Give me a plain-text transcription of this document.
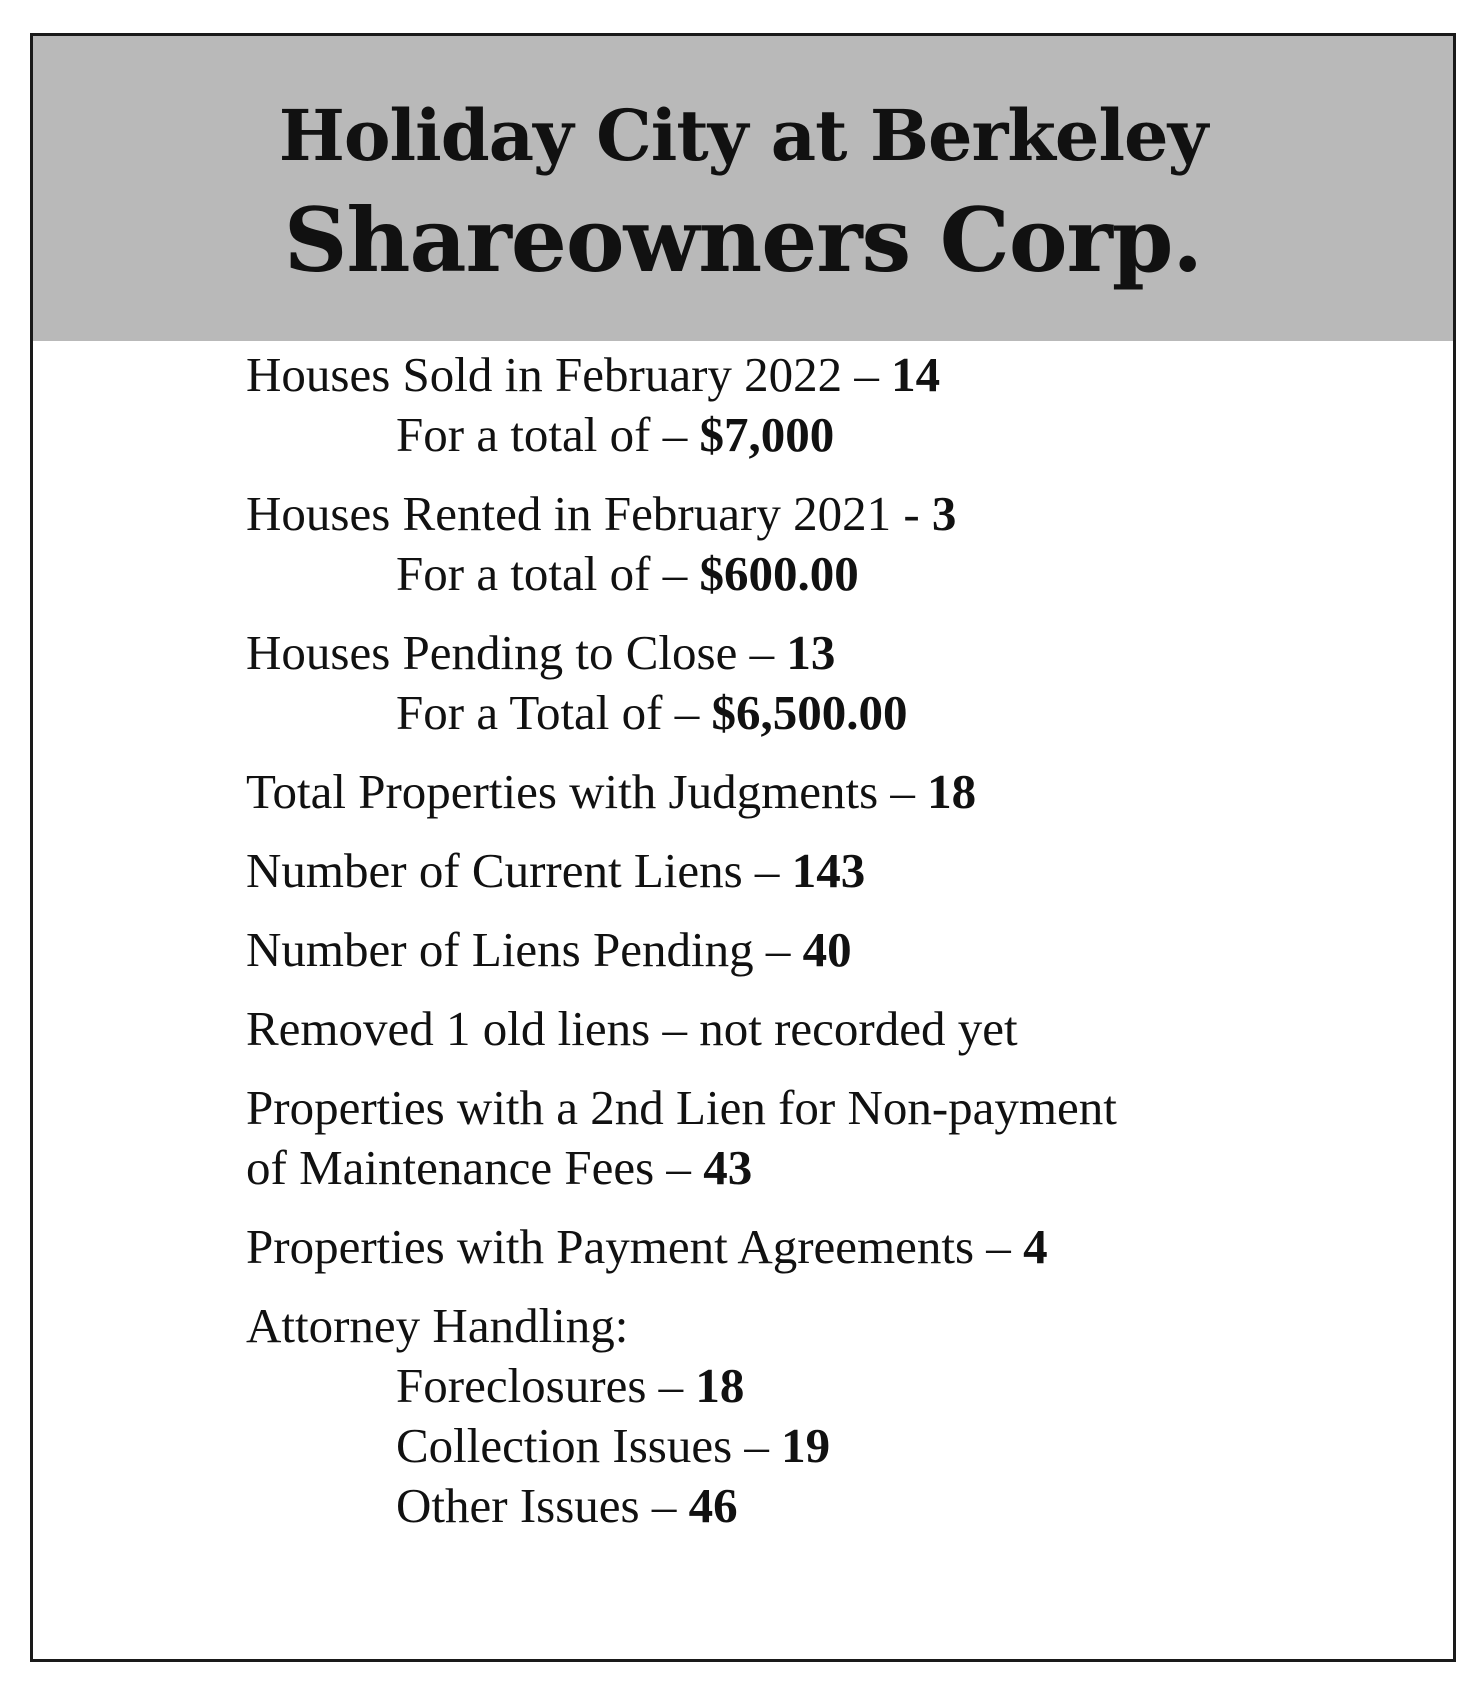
Holiday City at Berkeley
Shareowners Corp.
Houses Sold in February 2022 – 14
For a total of – $7,000
Houses Rented in February 2021 - 3
For a total of – $600.00
Houses Pending to Close – 13
For a Total of – $6,500.00
Total Properties with Judgments – 18
Number of Current Liens – 143
Number of Liens Pending – 40
Removed 1 old liens – not recorded yet
Properties with a 2nd Lien for Non-payment
of Maintenance Fees – 43
Properties with Payment Agreements – 4
Attorney Handling:
Foreclosures – 18
Collection Issues – 19
Other Issues – 46
